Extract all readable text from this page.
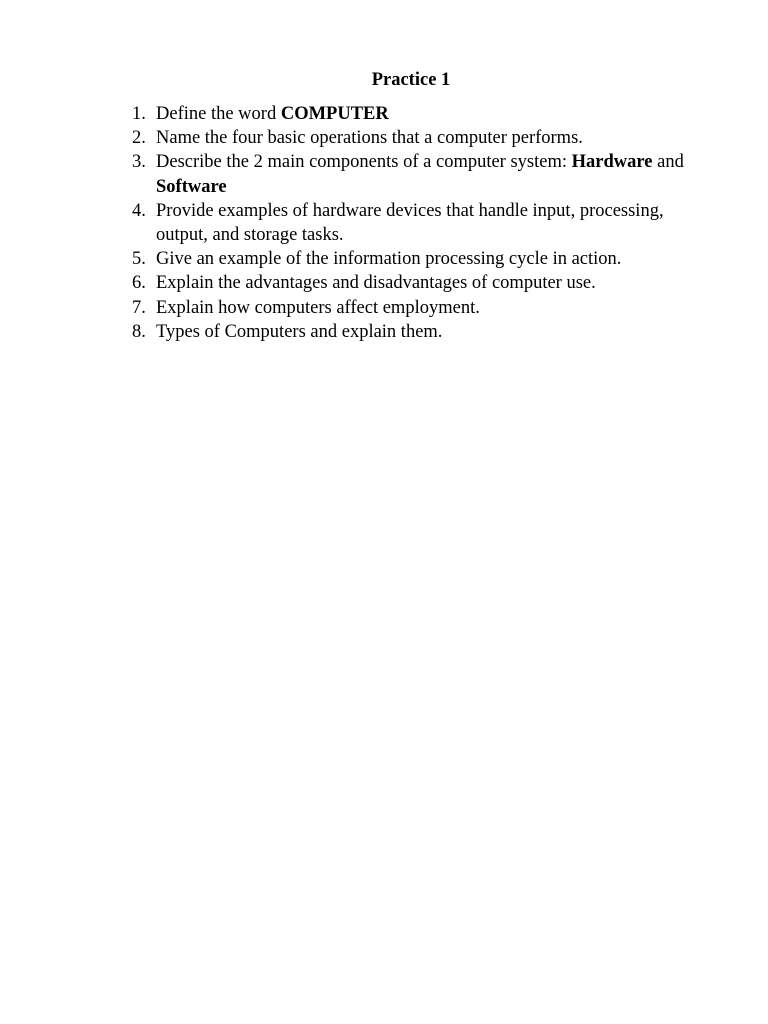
Practice 1
1. Define the word COMPUTER
2. Name the four basic operations that a computer performs.
3. Describe the 2 main components of a computer system: Hardware and Software
4. Provide examples of hardware devices that handle input, processing, output, and storage tasks.
5. Give an example of the information processing cycle in action.
6. Explain the advantages and disadvantages of computer use.
7. Explain how computers affect employment.
8. Types of Computers and explain them.
